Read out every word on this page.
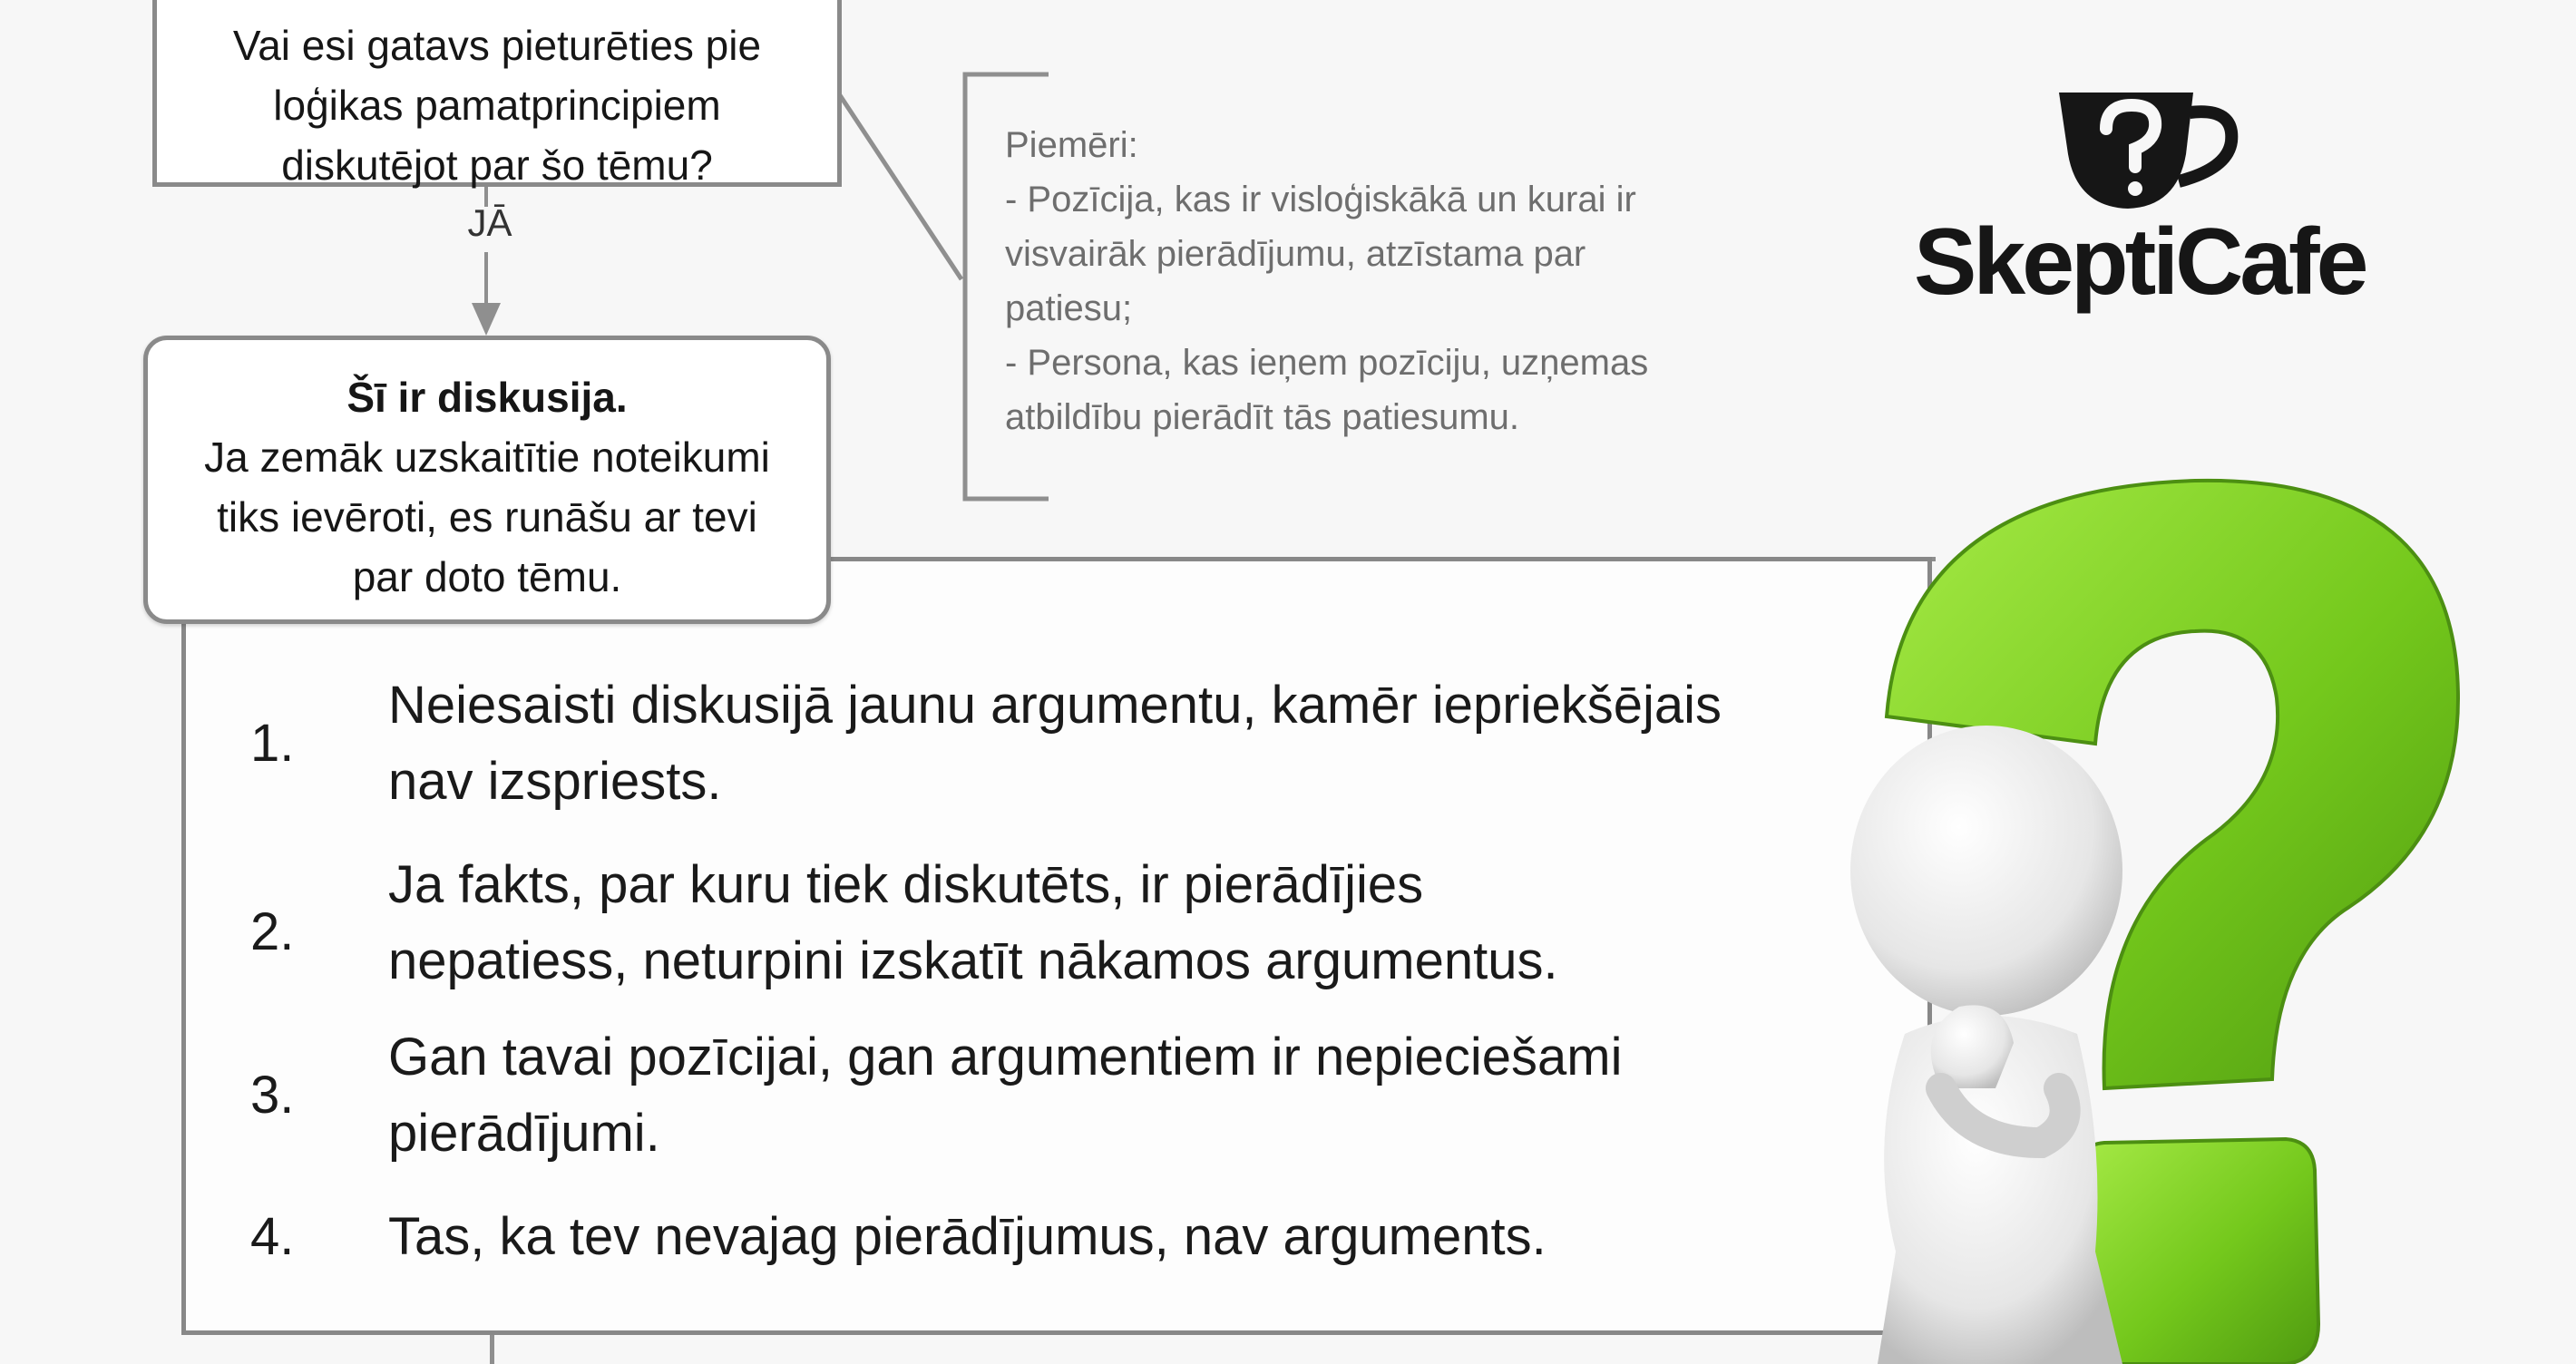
Vai esi gatavs pieturēties pie
loģikas pamatprincipiem
diskutējot par šo tēmu?
JĀ
Šī ir diskusija.
Ja zemāk uzskaitītie noteikumi
tiks ievēroti, es runāšu ar tevi
par doto tēmu.
Piemēri:
- Pozīcija, kas ir visloģiskākā un kurai ir
visvairāk pierādījumu, atzīstama par
patiesu;
- Persona, kas ieņem pozīciju, uzņemas
atbildību pierādīt tās patiesumu.
1.
Neiesaisti diskusijā jaunu argumentu, kamēr iepriekšējais
nav izspriests.
2.
Ja fakts, par kuru tiek diskutēts, ir pierādījies
nepatiess, neturpini izskatīt nākamos argumentus.
3.
Gan tavai pozīcijai, gan argumentiem ir nepieciešami
pierādījumi.
4. Tas, ka tev nevajag pierādījumus, nav arguments.
SkeptiCafe
